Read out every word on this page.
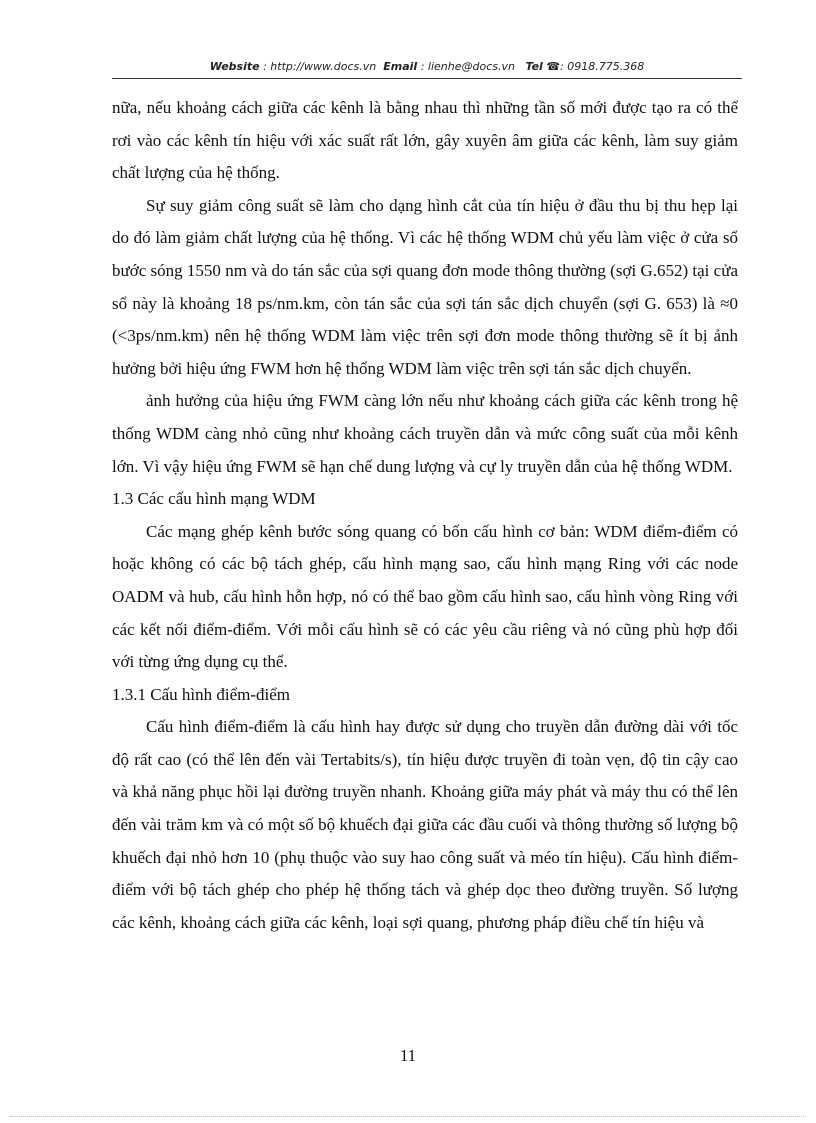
Website : http://www.docs.vn Email : lienhe@docs.vn Tel ☎: 0918.775.368

nữa, nếu khoảng cách giữa các kênh là bằng nhau thì những tần số mới được tạo ra có thể rơi vào các kênh tín hiệu với xác suất rất lớn, gây xuyên âm giữa các kênh, làm suy giảm chất lượng của hệ thống.

Sự suy giảm công suất sẽ làm cho dạng hình cắt của tín hiệu ở đầu thu bị thu hẹp lại do đó làm giảm chất lượng của hệ thống. Vì các hệ thống WDM chủ yếu làm việc ở cửa sổ bước sóng 1550 nm và do tán sắc của sợi quang đơn mode thông thường (sợi G.652) tại cửa sổ này là khoảng 18 ps/nm.km, còn tán sắc của sợi tán sắc dịch chuyển (sợi G. 653) là ≈0 (<3ps/nm.km) nên hệ thống WDM làm việc trên sợi đơn mode thông thường sẽ ít bị ảnh hưởng bởi hiệu ứng FWM hơn hệ thống WDM làm việc trên sợi tán sắc dịch chuyển.

ảnh hưởng của hiệu ứng FWM càng lớn nếu như khoảng cách giữa các kênh trong hệ thống WDM càng nhỏ cũng như khoảng cách truyền dẫn và mức công suất của mỗi kênh lớn. Vì vậy hiệu ứng FWM sẽ hạn chế dung lượng và cự ly truyền dẫn của hệ thống WDM.

1.3 Các cấu hình mạng WDM

Các mạng ghép kênh bước sóng quang có bốn cấu hình cơ bản: WDM điểm-điểm có hoặc không có các bộ tách ghép, cấu hình mạng sao, cấu hình mạng Ring với các node OADM và hub, cấu hình hỗn hợp, nó có thể bao gồm cấu hình sao, cấu hình vòng Ring với các kết nối điểm-điểm. Với mỗi cấu hình sẽ có các yêu cầu riêng và nó cũng phù hợp đối với từng ứng dụng cụ thể.

1.3.1 Cấu hình điểm-điểm

Cấu hình điểm-điểm là cấu hình hay được sử dụng cho truyền dẫn đường dài với tốc độ rất cao (có thể lên đến vài Tertabits/s), tín hiệu được truyền đi toàn vẹn, độ tin cậy cao và khả năng phục hồi lại đường truyền nhanh. Khoảng giữa máy phát và máy thu có thể lên đến vài trăm km và có một số bộ khuếch đại giữa các đầu cuối và thông thường số lượng bộ khuếch đại nhỏ hơn 10 (phụ thuộc vào suy hao công suất và méo tín hiệu). Cấu hình điểm-điểm với bộ tách ghép cho phép hệ thống tách và ghép dọc theo đường truyền. Số lượng các kênh, khoảng cách giữa các kênh, loại sợi quang, phương pháp điều chế tín hiệu và

11
